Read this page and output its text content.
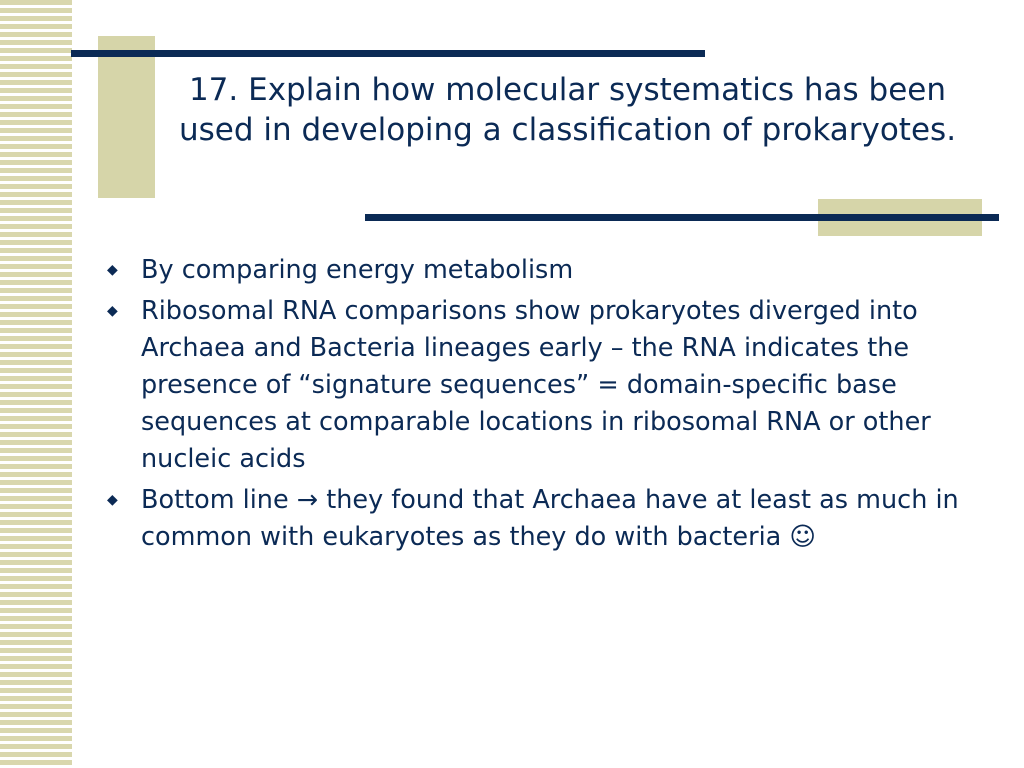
17. Explain how molecular systematics has been used in developing a classification of prokaryotes.
◆ By comparing energy metabolism
◆ Ribosomal RNA comparisons show prokaryotes diverged into Archaea and Bacteria lineages early – the RNA indicates the presence of “signature sequences” = domain-specific base sequences at comparable locations in ribosomal RNA or other nucleic acids
◆ Bottom line → they found that Archaea have at least as much in common with eukaryotes as they do with bacteria ☺
